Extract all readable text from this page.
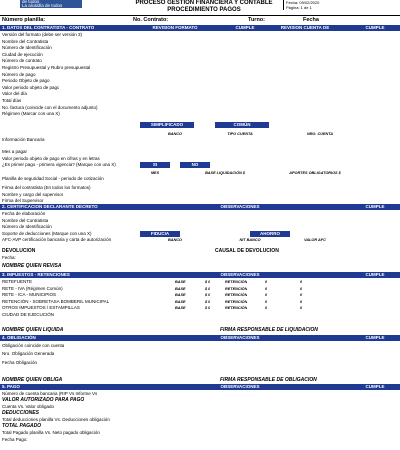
de todos
La alcaldía de todos	PROCESO GESTION FINANCIERA Y CONTABLE
PROCEDIMIENTO PAGOS
Fecha: 09/02/2020
Página: 1 de 1
Número planilla:	No. Contrato:	Turno:	Fecha
1. DATOS DEL CONTRATISTA - CONTRATO	REVISION FORMATO	CUMPLE	REVISION CUENTA DE	CUMPLE
Versión del formato (debe ser versión 3)
Nombre del Contratista
Número de Identificación
Ciudad de ejecución
Número de contrato
Registro Presupuestal y Rubro presupuestal
Número de pago
Periodo Objeto de pago
Valor periodo objeto de pago
Valor del día
Total días
No. factura (coincide con el documento adjunto)
Régimen (Marcar con una X)
SIMPLIFICADO	COMÚN
BANCO	TIPO CUENTA	NRO. CUENTA
Información Bancaria
Mes a pagar
Valor periodo objeto de pago en cifras y en letras
¿Es primer pago - primera vigencia? (Marque con una X)	SI	NO
MES	BASE LIQUIDACIÓN $	APORTES OBLIGATORIOS $
Planilla de seguridad Social - periodo de cotización
Firma del contratista (En todos los formatos)
Nombre y cargo del supervisor
Firma del Supervisor
2. CERTIFICACION DECLARANTE DECRETO	OBSERVACIONES	CUMPLE
Fecha de elaboración
Nombre del Contratista
Número de Identificación
Soporte de deducciones (Marque con una X)	FIDUCIA	AHORRO
AFC-AVP certificación bancaria y carta de autorización	BANCO	NIT BANCO	VALOR AFC
DEVOLUCION	CAUSAL DE DEVOLUCIÓN
Fecha:
NOMBRE QUIEN REVISA
3. IMPUESTOS - RETENCIONES	OBSERVACIONES	CUMPLE
RETEFUENTE	BASE	$ 0	RETENCIÓN	0	0
RETE - IVA (Régimen Común)	BASE	$ 0	RETENCIÓN	0	0
RETE - ICA - MUNICIPIOS	BASE	$ 0	RETENCIÓN	0	0
RETENCIÓN - SOBRETASA BOMBERIL MUNICIPAL	BASE	$ 0	RETENCIÓN	0	0
OTROS IMPUESTOS / ESTAMPILLAS	BASE	$ 0	RETENCIÓN	0	0
CIUDAD DE EJECUCIÓN
NOMBRE QUIEN LIQUIDA	FIRMA RESPONSABLE DE LIQUIDACIÓN
4. OBLIGACIÓN	OBSERVACIONES	CUMPLE
Obligación coincide con cuenta
Nro. Obligación Generada
Fecha Obligación
NOMBRE QUIEN OBLIGA	FIRMA RESPONSABLE DE OBLIGACIÓN
5. PAGO	OBSERVACIONES	CUMPLE
Número de cuenta bancaria (RIP Vs Informe Vs
VALOR AUTORIZADO PARA PAGO
Cuenta Vs. Valor obligado
DEDUCCIONES
Total deducciones planilla Vs. Deducciones obligación
TOTAL PAGADO
Total Pagado planilla Vs. Neto pagado obligación
Fecha Pago:
